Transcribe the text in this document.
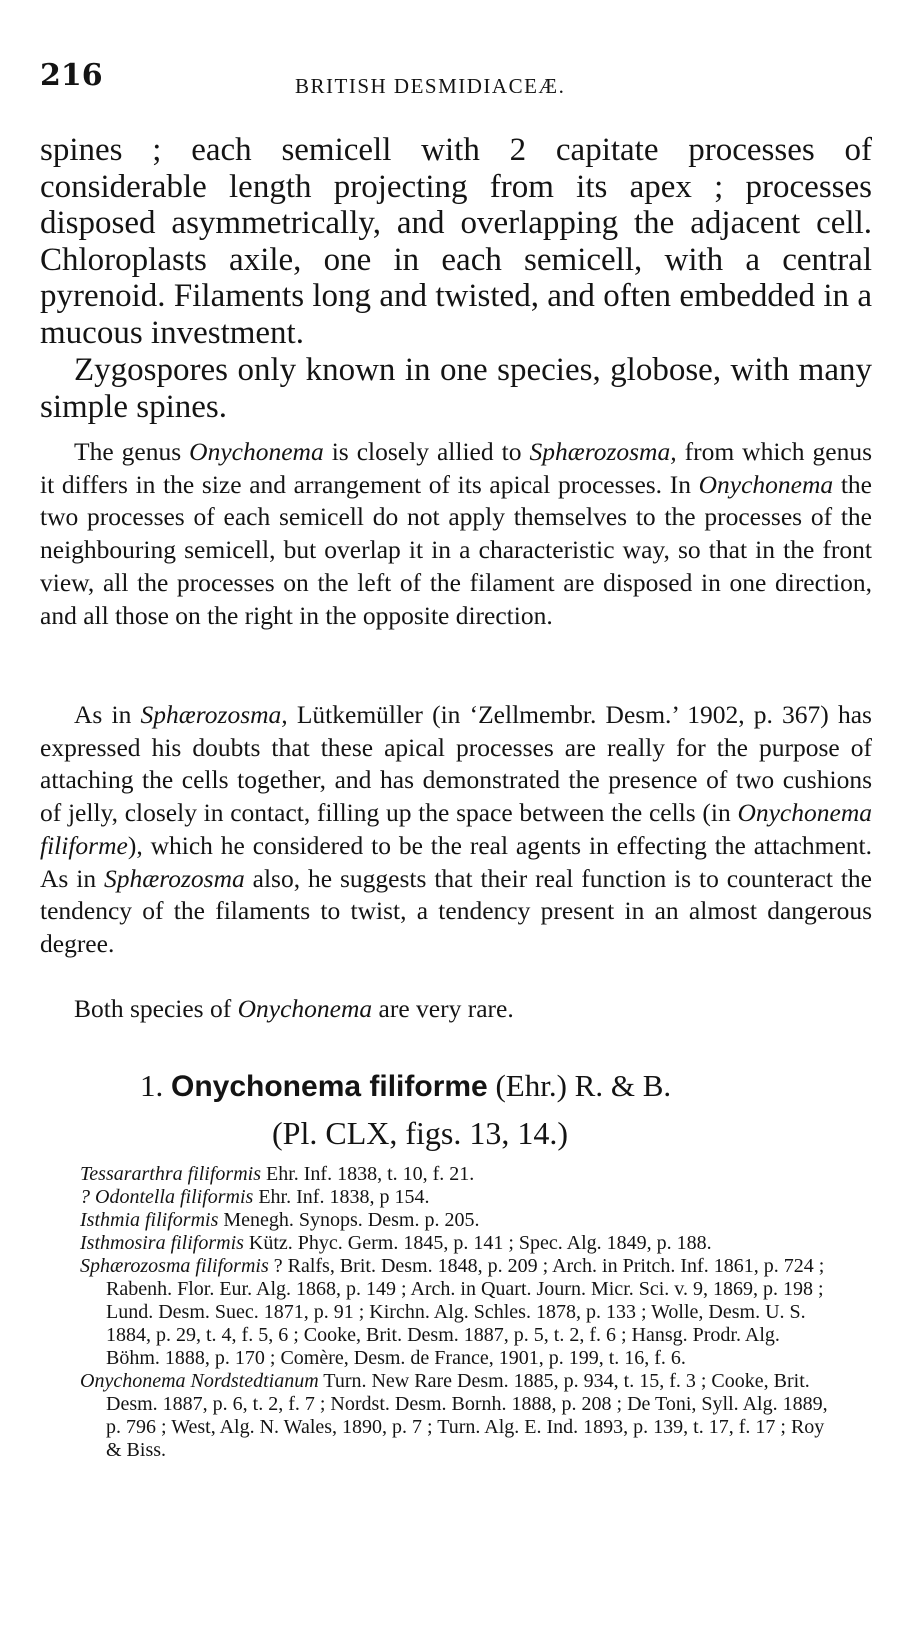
216	BRITISH DESMIDIACEÆ.

spines ; each semicell with 2 capitate processes of considerable length projecting from its apex ; processes disposed asymmetrically, and overlapping the adjacent cell. Chloroplasts axile, one in each semicell, with a central pyrenoid. Filaments long and twisted, and often embedded in a mucous investment.

Zygospores only known in one species, globose, with many simple spines.

The genus Onychonema is closely allied to Sphærozosma, from which genus it differs in the size and arrangement of its apical processes. In Onychonema the two processes of each semicell do not apply themselves to the processes of the neighbouring semicell, but overlap it in a characteristic way, so that in the front view, all the processes on the left of the filament are disposed in one direction, and all those on the right in the opposite direction.

As in Sphærozosma, Lütkemüller (in ‘Zellmembr. Desm.’ 1902, p. 367) has expressed his doubts that these apical processes are really for the purpose of attaching the cells together, and has demonstrated the presence of two cushions of jelly, closely in contact, filling up the space between the cells (in Onychonema filiforme), which he considered to be the real agents in effecting the attachment. As in Sphærozosma also, he suggests that their real function is to counteract the tendency of the filaments to twist, a tendency present in an almost dangerous degree.

Both species of Onychonema are very rare.

1. Onychonema filiforme (Ehr.) R. & B.
(Pl. CLX, figs. 13, 14.)
Tessararthra filiformis Ehr. Inf. 1838, t. 10, f. 21.
? Odontella filiformis Ehr. Inf. 1838, p 154.
Isthmia filiformis Menegh. Synops. Desm. p. 205.
Isthmosira filiformis Kütz. Phyc. Germ. 1845, p. 141 ; Spec. Alg. 1849, p. 188.
Sphærozosma filiformis ? Ralfs, Brit. Desm. 1848, p. 209 ; Arch. in Pritch. Inf. 1861, p. 724 ; Rabenh. Flor. Eur. Alg. 1868, p. 149 ; Arch. in Quart. Journ. Micr. Sci. v. 9, 1869, p. 198 ; Lund. Desm. Suec. 1871, p. 91 ; Kirchn. Alg. Schles. 1878, p. 133 ; Wolle, Desm. U. S. 1884, p. 29, t. 4, f. 5, 6 ; Cooke, Brit. Desm. 1887, p. 5, t. 2, f. 6 ; Hansg. Prodr. Alg. Böhm. 1888, p. 170 ; Comère, Desm. de France, 1901, p. 199, t. 16, f. 6.
Onychonema Nordstedtianum Turn. New Rare Desm. 1885, p. 934, t. 15, f. 3 ; Cooke, Brit. Desm. 1887, p. 6, t. 2, f. 7 ; Nordst. Desm. Bornh. 1888, p. 208 ; De Toni, Syll. Alg. 1889, p. 796 ; West, Alg. N. Wales, 1890, p. 7 ; Turn. Alg. E. Ind. 1893, p. 139, t. 17, f. 17 ; Roy & Biss.
